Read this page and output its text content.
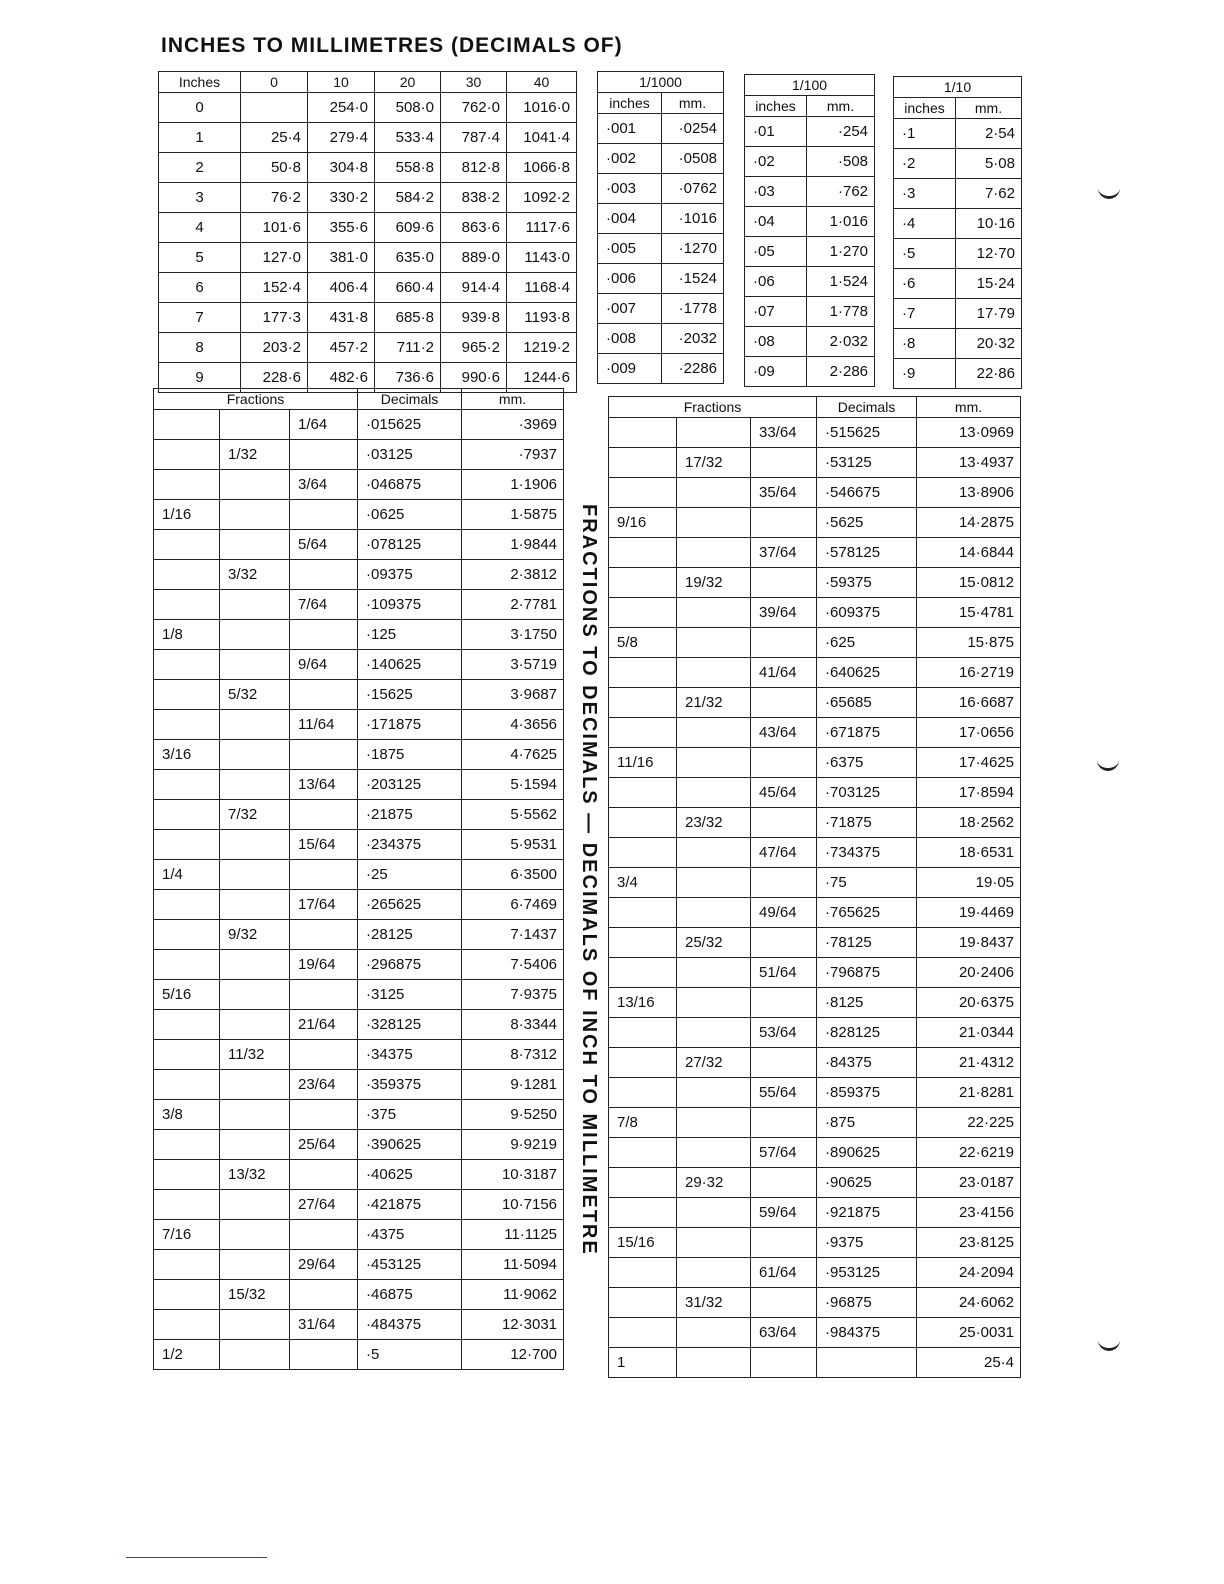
INCHES TO MILLIMETRES (DECIMALS OF)
Inches	0	10	20	30	40
0		254·0	508·0	762·0	1016·0
1	25·4	279·4	533·4	787·4	1041·4
2	50·8	304·8	558·8	812·8	1066·8
3	76·2	330·2	584·2	838·2	1092·2
4	101·6	355·6	609·6	863·6	1117·6
5	127·0	381·0	635·0	889·0	1143·0
6	152·4	406·4	660·4	914·4	1168·4
7	177·3	431·8	685·8	939·8	1193·8
8	203·2	457·2	711·2	965·2	1219·2
9	228·6	482·6	736·6	990·6	1244·6
1/1000	
inches	mm.
·001	·0254
·002	·0508
·003	·0762
·004	·1016
·005	·1270
·006	·1524
·007	·1778
·008	·2032
·009	·2286
1/100	
inches	mm.
·01	·254
·02	·508
·03	·762
·04	1·016
·05	1·270
·06	1·524
·07	1·778
·08	2·032
·09	2·286
1/10	
inches	mm.
·1	2·54
·2	5·08
·3	7·62
·4	10·16
·5	12·70
·6	15·24
·7	17·79
·8	20·32
·9	22·86
Fractions			Decimals	mm.
		1/64	·015625	·3969
	1/32		·03125	·7937
		3/64	·046875	1·1906
1/16			·0625	1·5875
		5/64	·078125	1·9844
	3/32		·09375	2·3812
		7/64	·109375	2·7781
1/8			·125	3·1750
		9/64	·140625	3·5719
	5/32		·15625	3·9687
		11/64	·171875	4·3656
3/16			·1875	4·7625
		13/64	·203125	5·1594
	7/32		·21875	5·5562
		15/64	·234375	5·9531
1/4			·25	6·3500
		17/64	·265625	6·7469
	9/32		·28125	7·1437
		19/64	·296875	7·5406
5/16			·3125	7·9375
		21/64	·328125	8·3344
	11/32		·34375	8·7312
		23/64	·359375	9·1281
3/8			·375	9·5250
		25/64	·390625	9·9219
	13/32		·40625	10·3187
		27/64	·421875	10·7156
7/16			·4375	11·1125
		29/64	·453125	11·5094
	15/32		·46875	11·9062
		31/64	·484375	12·3031
1/2			·5	12·700
FRACTIONS TO DECIMALS — DECIMALS OF INCH TO MILLIMETRE
Fractions			Decimals	mm.
		33/64	·515625	13·0969
	17/32		·53125	13·4937
		35/64	·546675	13·8906
9/16			·5625	14·2875
		37/64	·578125	14·6844
	19/32		·59375	15·0812
		39/64	·609375	15·4781
5/8			·625	15·875
		41/64	·640625	16·2719
	21/32		·65685	16·6687
		43/64	·671875	17·0656
11/16			·6375	17·4625
		45/64	·703125	17·8594
	23/32		·71875	18·2562
		47/64	·734375	18·6531
3/4			·75	19·05
		49/64	·765625	19·4469
	25/32		·78125	19·8437
		51/64	·796875	20·2406
13/16			·8125	20·6375
		53/64	·828125	21·0344
	27/32		·84375	21·4312
		55/64	·859375	21·8281
7/8			·875	22·225
		57/64	·890625	22·6219
	29·32		·90625	23·0187
		59/64	·921875	23·4156
15/16			·9375	23·8125
		61/64	·953125	24·2094
	31/32		·96875	24·6062
		63/64	·984375	25·0031
1				25·4
